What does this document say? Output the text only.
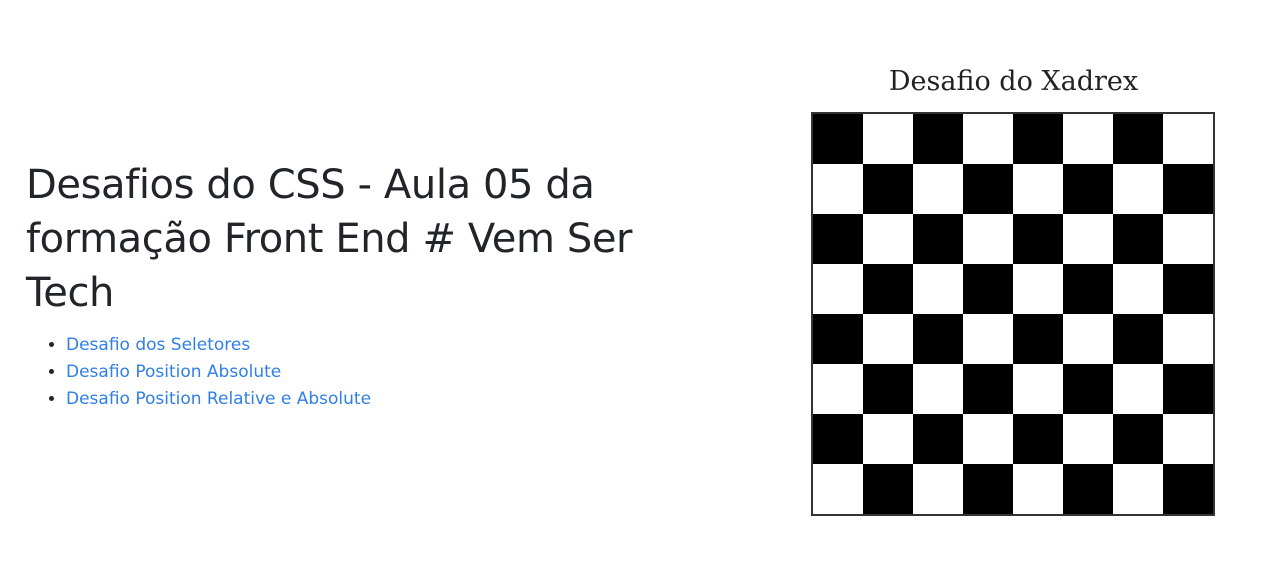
Desafios do CSS - Aula 05 da formação Front End # Vem Ser Tech
• Desafio dos Seletores
• Desafio Position Absolute
• Desafio Position Relative e Absolute
Desafio do Xadrex
